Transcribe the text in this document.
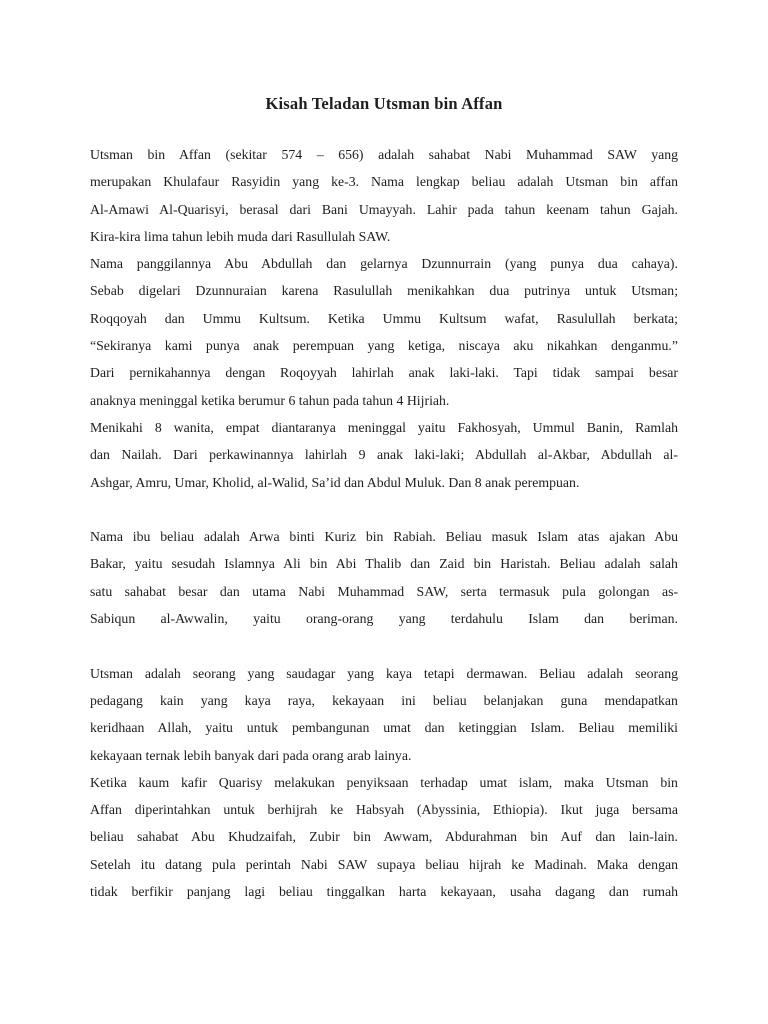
Kisah Teladan Utsman bin Affan
Utsman bin Affan (sekitar 574 – 656) adalah sahabat Nabi Muhammad SAW yang
merupakan Khulafaur Rasyidin yang ke-3. Nama lengkap beliau adalah Utsman bin affan
Al-Amawi Al-Quarisyi, berasal dari Bani Umayyah. Lahir pada tahun keenam tahun Gajah.
Kira-kira lima tahun lebih muda dari Rasullulah SAW.
Nama panggilannya Abu Abdullah dan gelarnya Dzunnurrain (yang punya dua cahaya).
Sebab digelari Dzunnuraian karena Rasulullah menikahkan dua putrinya untuk Utsman;
Roqqoyah dan Ummu Kultsum. Ketika Ummu Kultsum wafat, Rasulullah berkata;
“Sekiranya kami punya anak perempuan yang ketiga, niscaya aku nikahkan denganmu.”
Dari pernikahannya dengan Roqoyyah lahirlah anak laki-laki. Tapi tidak sampai besar
anaknya meninggal ketika berumur 6 tahun pada tahun 4 Hijriah.
Menikahi 8 wanita, empat diantaranya meninggal yaitu Fakhosyah, Ummul Banin, Ramlah
dan Nailah. Dari perkawinannya lahirlah 9 anak laki-laki; Abdullah al-Akbar, Abdullah al-
Ashgar, Amru, Umar, Kholid, al-Walid, Sa’id dan Abdul Muluk. Dan 8 anak perempuan.
Nama ibu beliau adalah Arwa binti Kuriz bin Rabiah. Beliau masuk Islam atas ajakan Abu
Bakar, yaitu sesudah Islamnya Ali bin Abi Thalib dan Zaid bin Haristah. Beliau adalah salah
satu sahabat besar dan utama Nabi Muhammad SAW, serta termasuk pula golongan as-
Sabiqun al-Awwalin, yaitu orang-orang yang terdahulu Islam dan beriman.
Utsman adalah seorang yang saudagar yang kaya tetapi dermawan. Beliau adalah seorang
pedagang kain yang kaya raya, kekayaan ini beliau belanjakan guna mendapatkan
keridhaan Allah, yaitu untuk pembangunan umat dan ketinggian Islam. Beliau memiliki
kekayaan ternak lebih banyak dari pada orang arab lainya.
Ketika kaum kafir Quarisy melakukan penyiksaan terhadap umat islam, maka Utsman bin
Affan diperintahkan untuk berhijrah ke Habsyah (Abyssinia, Ethiopia). Ikut juga bersama
beliau sahabat Abu Khudzaifah, Zubir bin Awwam, Abdurahman bin Auf dan lain-lain.
Setelah itu datang pula perintah Nabi SAW supaya beliau hijrah ke Madinah. Maka dengan
tidak berfikir panjang lagi beliau tinggalkan harta kekayaan, usaha dagang dan rumah
